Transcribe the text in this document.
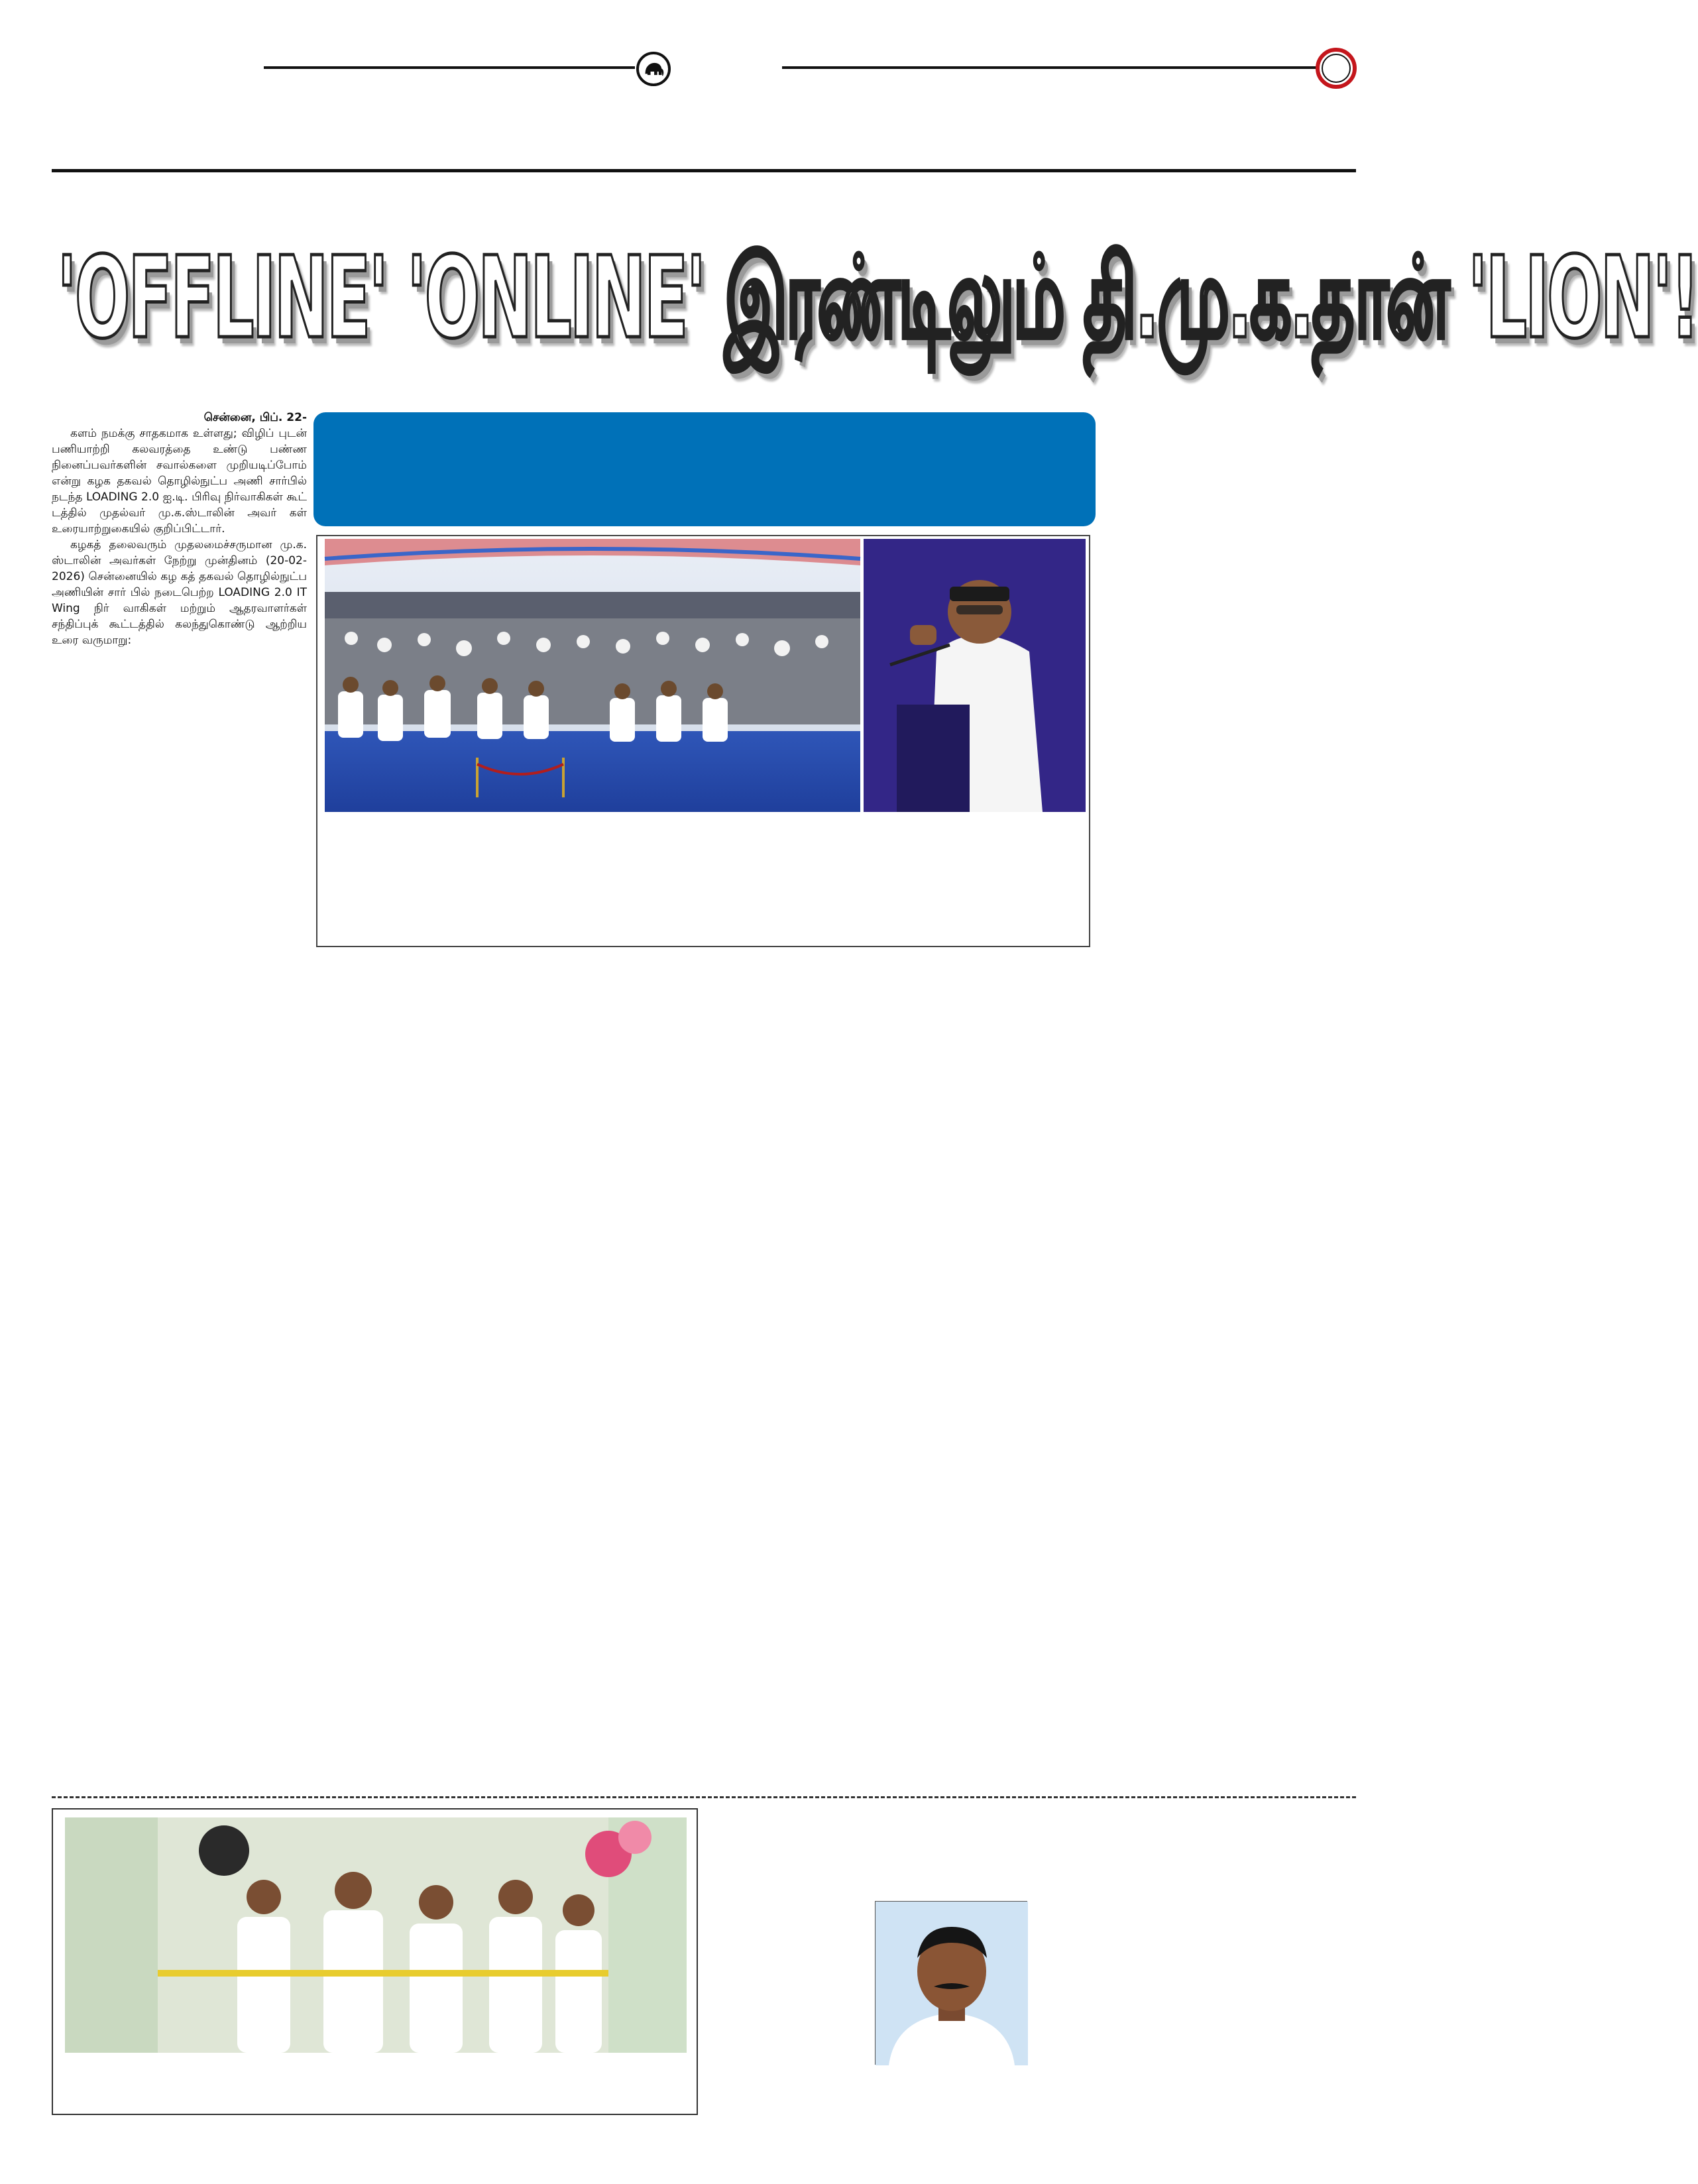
'OFFLINE' 'ONLINE' இரண்டிலும் தி.மு.க.தான் 'LION'!
சென்னை, பிப். 22-

களம் நமக்கு சாதகமாக உள்ளது; விழிப் புடன் பணியாற்றி கலவரத்தை உண்டு பண்ண நினைப்பவர்களின் சவால்களை முறியடிப்போம் என்று கழக தகவல் தொழில்நுட்ப அணி சார்பில் நடந்த LOADING 2.0 ஐ.டி. பிரிவு நிர்வாகிகள் கூட் டத்தில் முதல்வர் மு.க.ஸ்டாலின் அவர் கள் உரையாற்றுகையில் குறிப்பிட்டார்.

கழகத் தலைவரும் முதலமைச்சருமான மு.க. ஸ்டாலின் அவர்கள் நேற்று முன்தினம் (20-02-2026) சென்னையில் கழ கத் தகவல் தொழில்நுட்ப அணியின் சார் பில் நடைபெற்ற LOADING 2.0 IT Wing நிர் வாகிகள் மற்றும் ஆதரவாளர்கள் சந்திப்புக் கூட்டத்தில் கலந்துகொண்டு ஆற்றிய உரை வருமாறு:
